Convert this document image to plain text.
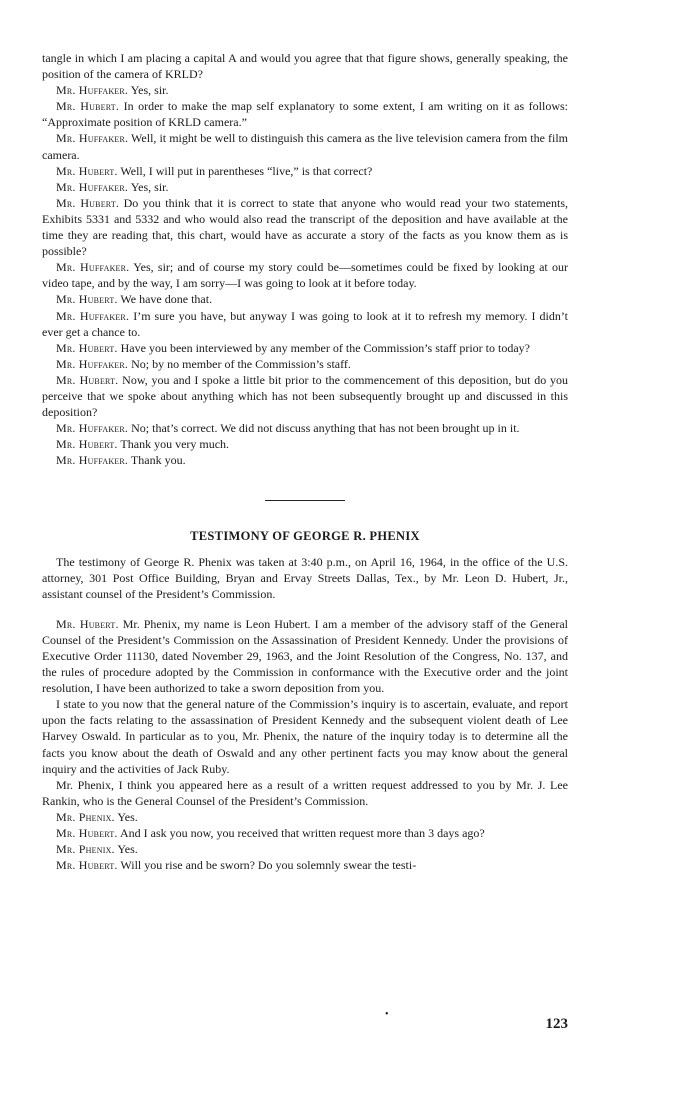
tangle in which I am placing a capital A and would you agree that that figure shows, generally speaking, the position of the camera of KRLD?

Mr. Huffaker. Yes, sir.

Mr. Hubert. In order to make the map self explanatory to some extent, I am writing on it as follows: “Approximate position of KRLD camera.”

Mr. Huffaker. Well, it might be well to distinguish this camera as the live television camera from the film camera.

Mr. Hubert. Well, I will put in parentheses “live,” is that correct?

Mr. Huffaker. Yes, sir.

Mr. Hubert. Do you think that it is correct to state that anyone who would read your two statements, Exhibits 5331 and 5332 and who would also read the transcript of the deposition and have available at the time they are reading that, this chart, would have as accurate a story of the facts as you know them as is possible?

Mr. Huffaker. Yes, sir; and of course my story could be—sometimes could be fixed by looking at our video tape, and by the way, I am sorry—I was going to look at it before today.

Mr. Hubert. We have done that.

Mr. Huffaker. I’m sure you have, but anyway I was going to look at it to refresh my memory. I didn’t ever get a chance to.

Mr. Hubert. Have you been interviewed by any member of the Commission’s staff prior to today?

Mr. Huffaker. No; by no member of the Commission’s staff.

Mr. Hubert. Now, you and I spoke a little bit prior to the commencement of this deposition, but do you perceive that we spoke about anything which has not been subsequently brought up and discussed in this deposition?

Mr. Huffaker. No; that’s correct. We did not discuss anything that has not been brought up in it.

Mr. Hubert. Thank you very much.

Mr. Huffaker. Thank you.

TESTIMONY OF GEORGE R. PHENIX

The testimony of George R. Phenix was taken at 3:40 p.m., on April 16, 1964, in the office of the U.S. attorney, 301 Post Office Building, Bryan and Ervay Streets Dallas, Tex., by Mr. Leon D. Hubert, Jr., assistant counsel of the President’s Commission.

Mr. Hubert. Mr. Phenix, my name is Leon Hubert. I am a member of the advisory staff of the General Counsel of the President’s Commission on the Assassination of President Kennedy. Under the provisions of Executive Order 11130, dated November 29, 1963, and the Joint Resolution of the Congress, No. 137, and the rules of procedure adopted by the Commission in conformance with the Executive order and the joint resolution, I have been authorized to take a sworn deposition from you.

I state to you now that the general nature of the Commission’s inquiry is to ascertain, evaluate, and report upon the facts relating to the assassination of President Kennedy and the subsequent violent death of Lee Harvey Oswald. In particular as to you, Mr. Phenix, the nature of the inquiry today is to determine all the facts you know about the death of Oswald and any other pertinent facts you may know about the general inquiry and the activities of Jack Ruby.

Mr. Phenix, I think you appeared here as a result of a written request addressed to you by Mr. J. Lee Rankin, who is the General Counsel of the President’s Commission.

Mr. Phenix. Yes.

Mr. Hubert. And I ask you now, you received that written request more than 3 days ago?

Mr. Phenix. Yes.

Mr. Hubert. Will you rise and be sworn? Do you solemnly swear the testi-

•
123
